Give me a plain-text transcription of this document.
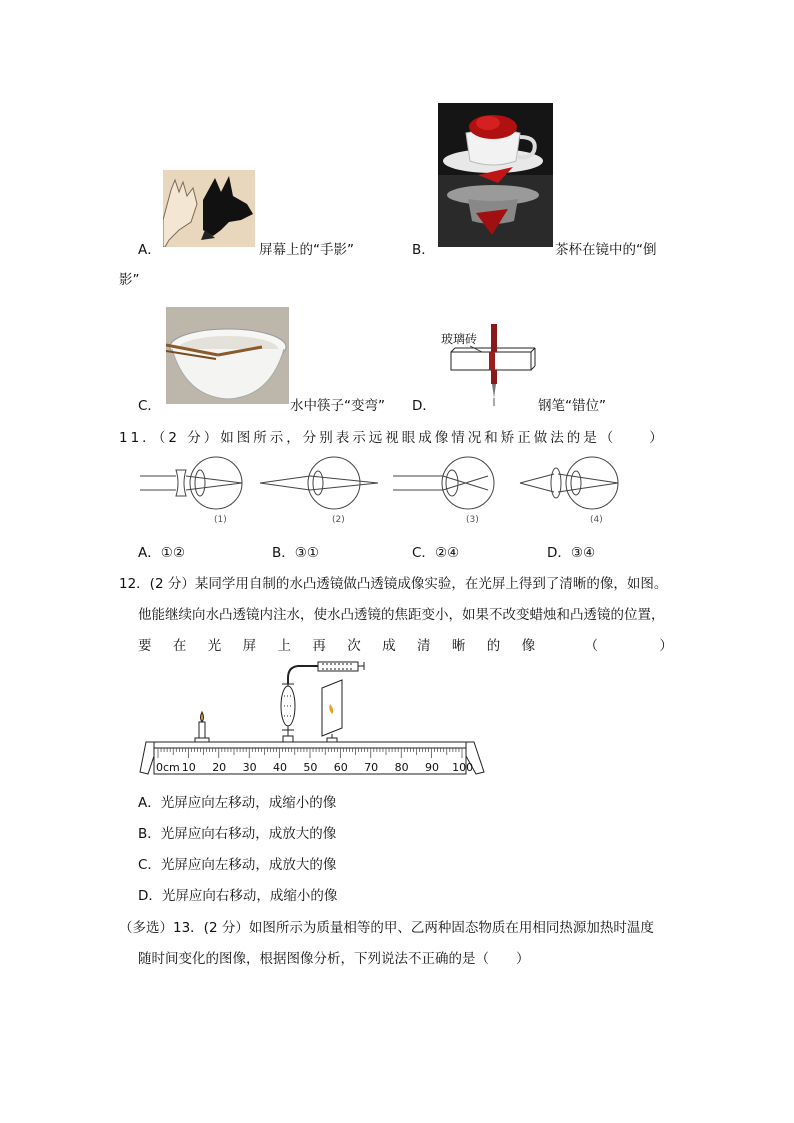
A．	屏幕上的“手影”	B．	茶杯在镜中的“倒
影”
C．	水中筷子“变弯”
玻璃砖
D．	钢笔“错位”
11．（2 分）如图所示，分别表示远视眼成像情况和矫正做法的是（　　）
(1)	(2)	(3)	(4)
A．①②	B．③①	C．②④	D．③④
12．(2 分）某同学用自制的水凸透镜做凸透镜成像实验，在光屏上得到了清晰的像，如图。
他能继续向水凸透镜内注水，使水凸透镜的焦距变小，如果不改变蜡烛和凸透镜的位置，
要 在 光 屏 上 再 次 成 清 晰 的 像	（	）
0cm 10 20 30 40 50 60 70 80 90 100
A．光屏应向左移动，成缩小的像
B．光屏应向右移动，成放大的像
C．光屏应向左移动，成放大的像
D．光屏应向右移动，成缩小的像
（多选）13．(2 分）如图所示为质量相等的甲、乙两种固态物质在用相同热源加热时温度
随时间变化的图像，根据图像分析，下列说法不正确的是（　　）
